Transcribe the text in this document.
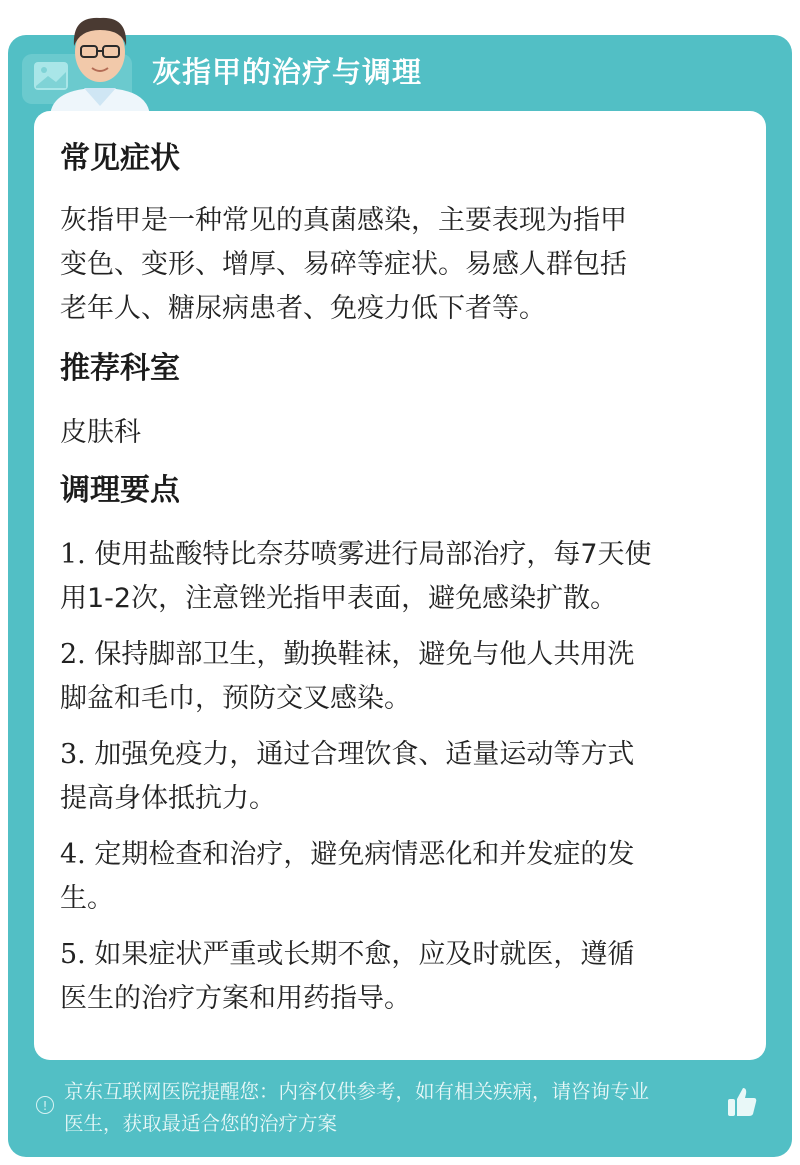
灰指甲的治疗与调理
常见症状

灰指甲是一种常见的真菌感染，主要表现为指甲

变色、变形、增厚、易碎等症状。易感人群包括

老年人、糖尿病患者、免疫力低下者等。

推荐科室

皮肤科

调理要点

1. 使用盐酸特比奈芬喷雾进行局部治疗，每7天使

用1-2次，注意锉光指甲表面，避免感染扩散。

2. 保持脚部卫生，勤换鞋袜，避免与他人共用洗

脚盆和毛巾，预防交叉感染。

3. 加强免疫力，通过合理饮食、适量运动等方式

提高身体抵抗力。

4. 定期检查和治疗，避免病情恶化和并发症的发

生。

5. 如果症状严重或长期不愈，应及时就医，遵循

医生的治疗方案和用药指导。

!
京东互联网医院提醒您：内容仅供参考，如有相关疾病，请咨询专业
医生，获取最适合您的治疗方案
